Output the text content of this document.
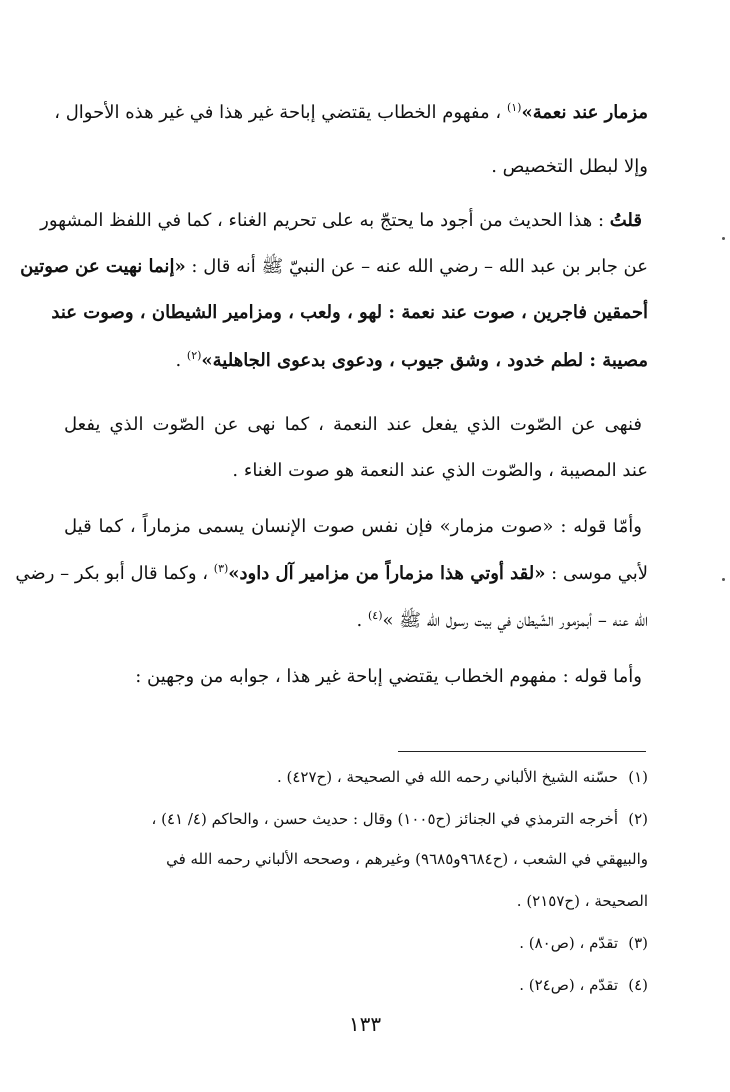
مزمار عند نعمة»$^{(١)}$ ، مفهوم الخطاب يقتضي إباحة غير هذا في غير هذه الأحوال ،
وإلا لبطل التخصيص .
قلتُ : هذا الحديث من أجود ما يحتجّ به على تحريم الغناء ، كما في اللفظ المشهور
عن جابر بن عبد الله – رضي الله عنه – عن النبيّ ﷺ أنه قال : «إنما نهيت عن صوتين
أحمقين فاجرين ، صوت عند نعمة : لهو ، ولعب ، ومزامير الشيطان ، وصوت عند
مصيبة : لطم خدود ، وشق جيوب ، ودعوى بدعوى الجاهلية»$^{(٢)}$ .
فنهى عن الصّوت الذي يفعل عند النعمة ، كما نهى عن الصّوت الذي يفعل
عند المصيبة ، والصّوت الذي عند النعمة هو صوت الغناء .
وأمّا قوله : «صوت مزمار» فإن نفس صوت الإنسان يسمى مزماراً ، كما قيل
لأبي موسى : «لقد أوتي هذا مزماراً من مزامير آل داود»$^{(٣)}$ ، وكما قال أبو بكر – رضي
الله عنه – أبمزمور الشّيطان في بيت رسول الله ﷺ »$^{(٤)}$ .
وأما قوله : مفهوم الخطاب يقتضي إباحة غير هذا ، جوابه من وجهين :
(١)حسّنه الشيخ الألباني رحمه الله في الصحيحة ، (ح٤٢٧) .
(٢)أخرجه الترمذي في الجنائز (ح١٠٠٥) وقال : حديث حسن ، والحاكم (٤/ ٤١) ،
والبيهقي في الشعب ، (ح٩٦٨٤و٩٦٨٥) وغيرهم ، وصححه الألباني رحمه الله في
الصحيحة ، (ح٢١٥٧) .
(٣)تقدّم ، (ص٨٠) .
(٤)تقدّم ، (ص٢٤) .
١٣٣
